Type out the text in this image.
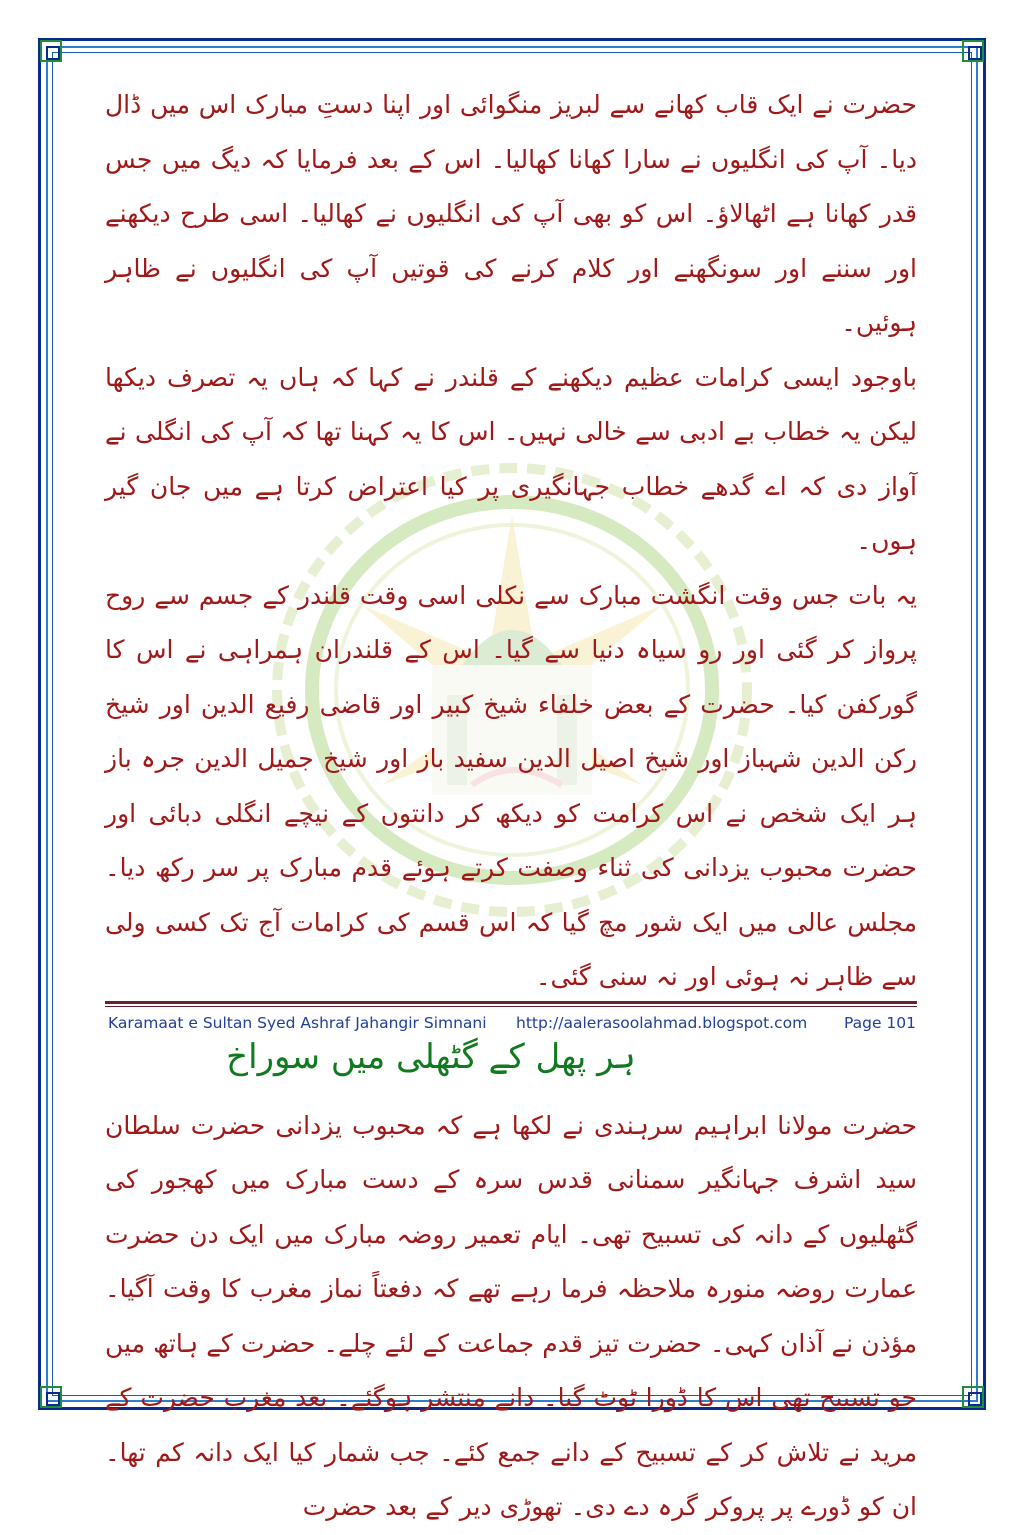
حضرت نے ایک قاب کھانے سے لبریز منگوائی اور اپنا دستِ مبارک اس میں ڈال دیا۔ آپ کی انگلیوں نے سارا کھانا کھالیا۔ اس کے بعد فرمایا کہ دیگ میں جس قدر کھانا ہے اٹھالاؤ۔ اس کو بھی آپ کی انگلیوں نے کھالیا۔ اسی طرح دیکھنے اور سننے اور سونگھنے اور کلام کرنے کی قوتیں آپ کی انگلیوں نے ظاہر ہوئیں۔

باوجود ایسی کرامات عظیم دیکھنے کے قلندر نے کہا کہ ہاں یہ تصرف دیکھا لیکن یہ خطاب بے ادبی سے خالی نہیں۔ اس کا یہ کہنا تھا کہ آپ کی انگلی نے آواز دی کہ اے گدھے خطاب جہانگیری پر کیا اعتراض کرتا ہے میں جان گیر ہوں۔

یہ بات جس وقت انگشت مبارک سے نکلی اسی وقت قلندر کے جسم سے روح پرواز کر گئی اور رو سیاہ دنیا سے گیا۔ اس کے قلندران ہمراہی نے اس کا گورکفن کیا۔ حضرت کے بعض خلفاء شیخ کبیر اور قاضی رفیع الدین اور شیخ رکن الدین شہباز اور شیخ اصیل الدین سفید باز اور شیخ جمیل الدین جرہ باز ہر ایک شخص نے اس کرامت کو دیکھ کر دانتوں کے نیچے انگلی دبائی اور حضرت محبوب یزدانی کی ثناء وصفت کرتے ہوئے قدم مبارک پر سر رکھ دیا۔ مجلس عالی میں ایک شور مچ گیا کہ اس قسم کی کرامات آج تک کسی ولی سے ظاہر نہ ہوئی اور نہ سنی گئی۔

ہر پھل کے گٹھلی میں سوراخ

حضرت مولانا ابراہیم سرہندی نے لکھا ہے کہ محبوب یزدانی حضرت سلطان سید اشرف جہانگیر سمنانی قدس سرہ کے دست مبارک میں کھجور کی گٹھلیوں کے دانہ کی تسبیح تھی۔ ایام تعمیر روضہ مبارک میں ایک دن حضرت عمارت روضہ منورہ ملاحظہ فرما رہے تھے کہ دفعتاً نماز مغرب کا وقت آگیا۔ مؤذن نے آذان کہی۔ حضرت تیز قدم جماعت کے لئے چلے۔ حضرت کے ہاتھ میں جو تسبیح تھی اس کا ڈورا ٹوٹ گیا۔ دانے منتشر ہوگئے۔ بعد مغرب حضرت کے مرید نے تلاش کر کے تسبیح کے دانے جمع کئے۔ جب شمار کیا ایک دانہ کم تھا۔ ان کو ڈورے پر پروکر گرہ دے دی۔ تھوڑی دیر کے بعد حضرت

Karamaat e Sultan Syed Ashraf Jahangir Simnani http://aalerasoolahmad.blogspot.com Page 101
